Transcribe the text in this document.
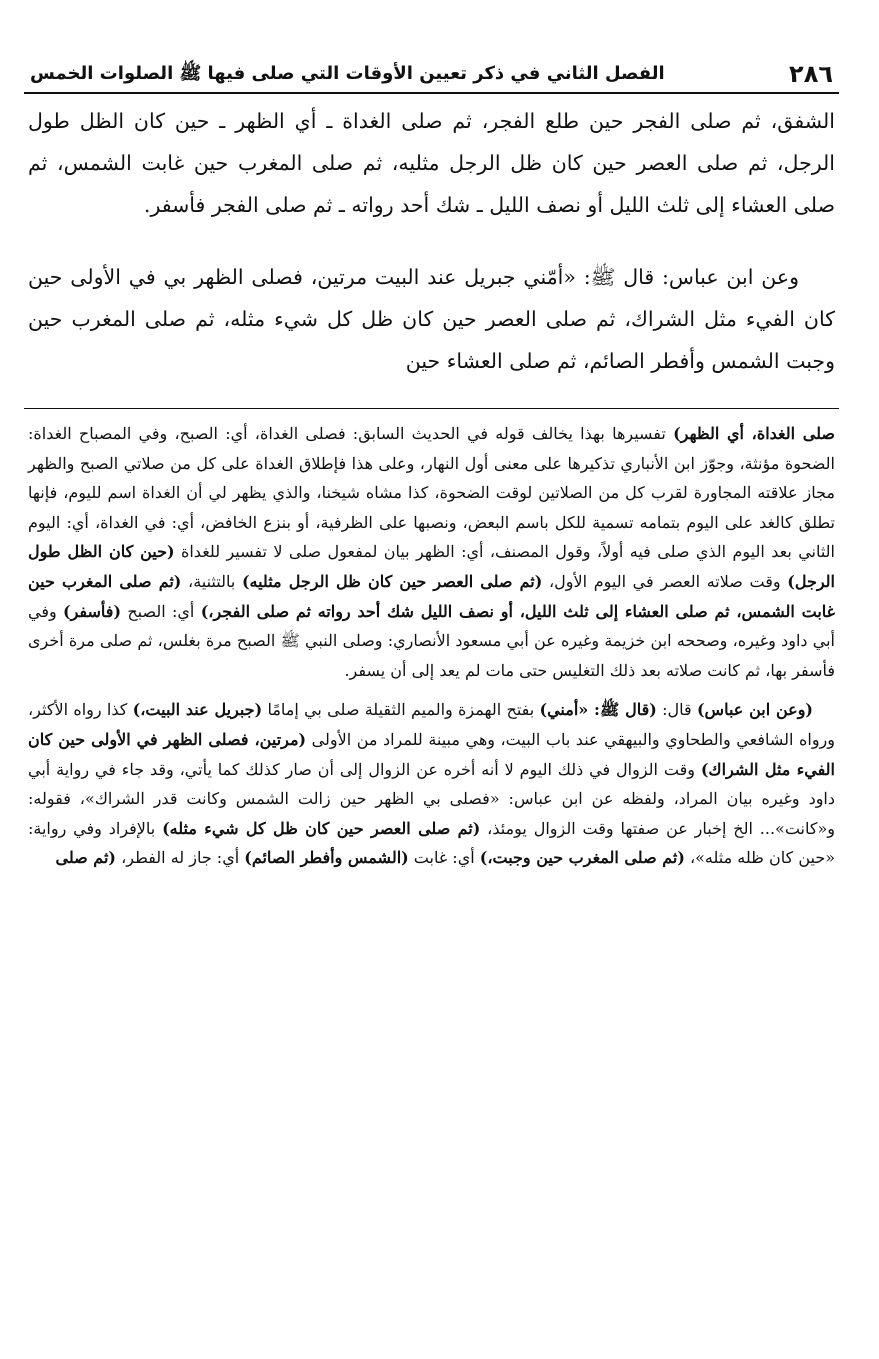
٢٨٦
الفصل الثاني في ذكر تعيين الأوقات التي صلى فيها ﷺ الصلوات الخمس

الشفق، ثم صلى الفجر حين طلع الفجر، ثم صلى الغداة ـ أي الظهر ـ حين كان الظل طول الرجل، ثم صلى العصر حين كان ظل الرجل مثليه، ثم صلى المغرب حين غابت الشمس، ثم صلى العشاء إلى ثلث الليل أو نصف الليل ـ شك أحد رواته ـ ثم صلى الفجر فأسفر.

وعن ابن عباس: قال ﷺ: «أمّني جبريل عند البيت مرتين، فصلى الظهر بي في الأولى حين كان الفيء مثل الشراك، ثم صلى العصر حين كان ظل كل شيء مثله، ثم صلى المغرب حين وجبت الشمس وأفطر الصائم، ثم صلى العشاء حين

صلى الغداة، أي الظهر) تفسيرها بهذا يخالف قوله في الحديث السابق: فصلى الغداة، أي: الصبح، وفي المصباح الغداة: الضحوة مؤنثة، وجوّز ابن الأنباري تذكيرها على معنى أول النهار، وعلى هذا فإطلاق الغداة على كل من صلاتي الصبح والظهر مجاز علاقته المجاورة لقرب كل من الصلاتين لوقت الضحوة، كذا مشاه شيخنا، والذي يظهر لي أن الغداة اسم لليوم، فإنها تطلق كالغد على اليوم بتمامه تسمية للكل باسم البعض، ونصبها على الظرفية، أو بنزع الخافض، أي: في الغداة، أي: اليوم الثاني بعد اليوم الذي صلى فيه أولاً، وقول المصنف، أي: الظهر بيان لمفعول صلى لا تفسير للغداة (حين كان الظل طول الرجل) وقت صلاته العصر في اليوم الأول، (ثم صلى العصر حين كان ظل الرجل مثليه) بالتثنية، (ثم صلى المغرب حين غابت الشمس، ثم صلى العشاء إلى ثلث الليل، أو نصف الليل شك أحد رواته ثم صلى الفجر،) أي: الصبح (فأسفر) وفي أبي داود وغيره، وصححه ابن خزيمة وغيره عن أبي مسعود الأنصاري: وصلى النبي ﷺ الصبح مرة بغلس، ثم صلى مرة أخرى فأسفر بها، ثم كانت صلاته بعد ذلك التغليس حتى مات لم يعد إلى أن يسفر.

(وعن ابن عباس) قال: (قال ﷺ: «أمني) بفتح الهمزة والميم الثقيلة صلى بي إمامًا (جبريل عند البيت،) كذا رواه الأكثر، ورواه الشافعي والطحاوي والبيهقي عند باب البيت، وهي مبينة للمراد من الأولى (مرتين، فصلى الظهر في الأولى حين كان الفيء مثل الشراك) وقت الزوال في ذلك اليوم لا أنه أخره عن الزوال إلى أن صار كذلك كما يأتي، وقد جاء في رواية أبي داود وغيره بيان المراد، ولفظه عن ابن عباس: «فصلى بي الظهر حين زالت الشمس وكانت قدر الشراك»، فقوله: و«كانت»... الخ إخبار عن صفتها وقت الزوال يومئذ، (ثم صلى العصر حين كان ظل كل شيء مثله) بالإفراد وفي رواية: «حين كان ظله مثله»، (ثم صلى المغرب حين وجبت،) أي: غابت (الشمس وأفطر الصائم) أي: جاز له الفطر، (ثم صلى
